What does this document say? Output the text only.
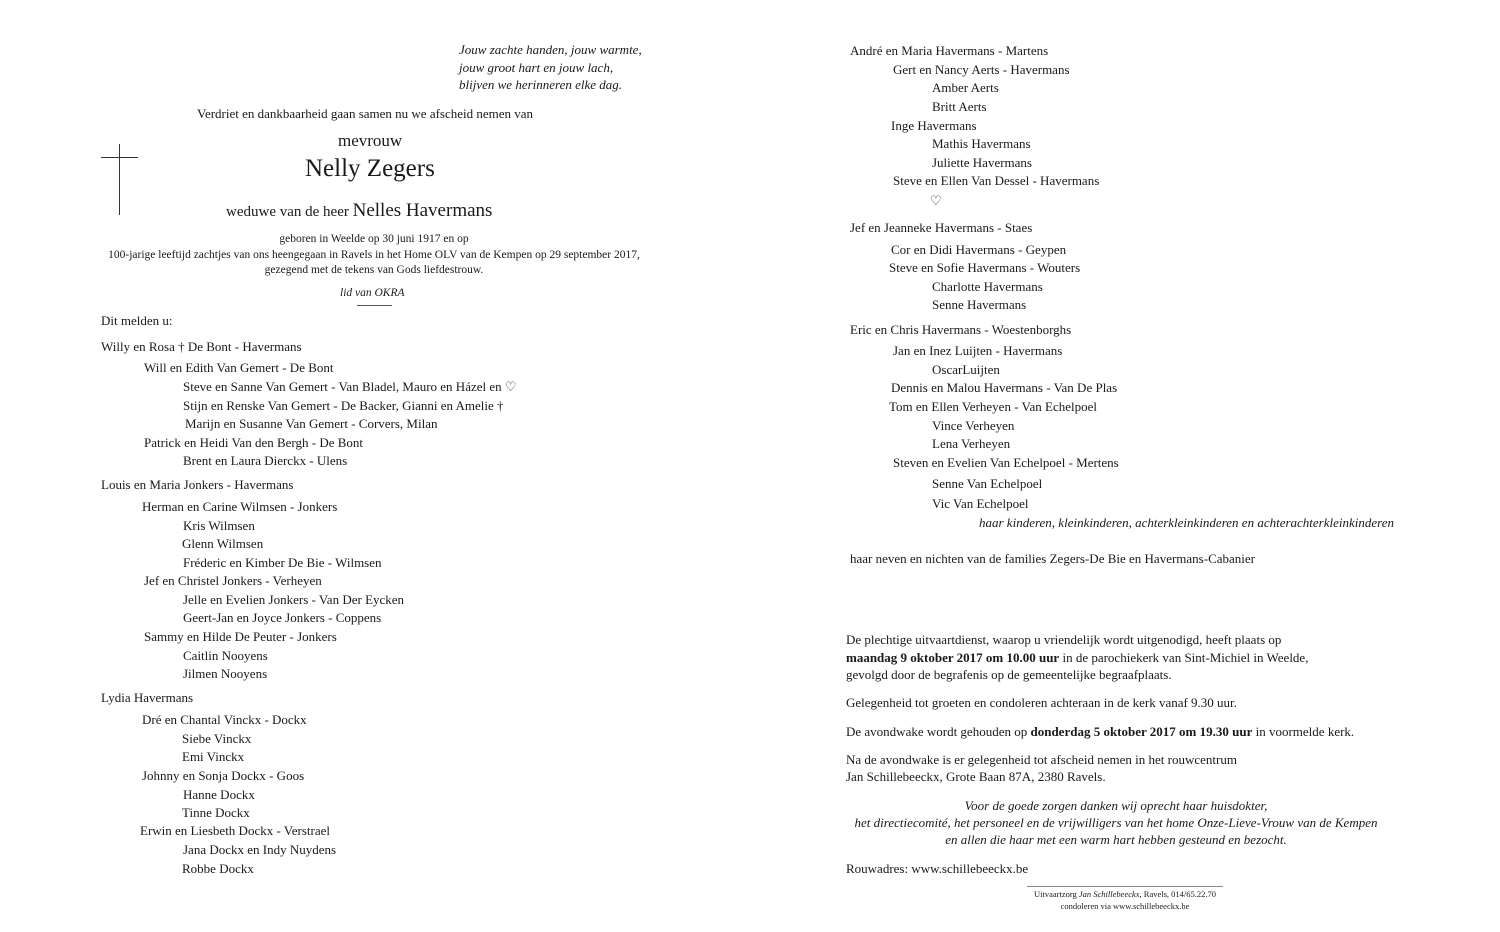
Jouw zachte handen, jouw warmte,
jouw groot hart en jouw lach,
blijven we herinneren elke dag.
Verdriet en dankbaarheid gaan samen nu we afscheid nemen van
mevrouw
Nelly Zegers
weduwe van de heer Nelles Havermans
geboren in Weelde op 30 juni 1917 en op
100-jarige leeftijd zachtjes van ons heengegaan in Ravels in het Home OLV van de Kempen op 29 september 2017,
gezegend met de tekens van Gods liefdestrouw.
lid van OKRA
Dit melden u:
Willy en Rosa † De Bont - Havermans
Will en Edith Van Gemert - De Bont
Steve en Sanne Van Gemert - Van Bladel, Mauro en Házel en ♡
Stijn en Renske Van Gemert - De Backer, Gianni en Amelie †
Marijn en Susanne Van Gemert - Corvers, Milan
Patrick en Heidi Van den Bergh - De Bont
Brent en Laura Dierckx - Ulens
Louis en Maria Jonkers - Havermans
Herman en Carine Wilmsen - Jonkers
Kris Wilmsen
Glenn Wilmsen
Fréderic en Kimber De Bie - Wilmsen
Jef en Christel Jonkers - Verheyen
Jelle en Evelien Jonkers - Van Der Eycken
Geert-Jan en Joyce Jonkers - Coppens
Sammy en Hilde De Peuter - Jonkers
Caitlin Nooyens
Jilmen Nooyens
Lydia Havermans
Dré en Chantal Vinckx - Dockx
Siebe Vinckx
Emi Vinckx
Johnny en Sonja Dockx - Goos
Hanne Dockx
Tinne Dockx
Erwin en Liesbeth Dockx - Verstrael
Jana Dockx en Indy Nuydens
Robbe Dockx
André en Maria Havermans - Martens
Gert en Nancy Aerts - Havermans
Amber Aerts
Britt Aerts
Inge Havermans
Mathis Havermans
Juliette Havermans
Steve en Ellen Van Dessel - Havermans
♡
Jef en Jeanneke Havermans - Staes
Cor en Didi Havermans - Geypen
Steve en Sofie Havermans - Wouters
Charlotte Havermans
Senne Havermans
Eric en Chris Havermans - Woestenborghs
Jan en Inez Luijten - Havermans
OscarLuijten
Dennis en Malou Havermans - Van De Plas
Tom en Ellen Verheyen - Van Echelpoel
Vince Verheyen
Lena Verheyen
Steven en Evelien Van Echelpoel - Mertens
Senne Van Echelpoel
Vic Van Echelpoel
haar kinderen, kleinkinderen, achterkleinkinderen en achterachterkleinkinderen
haar neven en nichten van de families Zegers-De Bie en Havermans-Cabanier
De plechtige uitvaartdienst, waarop u vriendelijk wordt uitgenodigd, heeft plaats op
maandag 9 oktober 2017 om 10.00 uur in de parochiekerk van Sint-Michiel in Weelde,
gevolgd door de begrafenis op de gemeentelijke begraafplaats.
Gelegenheid tot groeten en condoleren achteraan in de kerk vanaf 9.30 uur.
De avondwake wordt gehouden op donderdag 5 oktober 2017 om 19.30 uur in voormelde kerk.
Na de avondwake is er gelegenheid tot afscheid nemen in het rouwcentrum
Jan Schillebeeckx, Grote Baan 87A, 2380 Ravels.
Voor de goede zorgen danken wij oprecht haar huisdokter,
het directiecomité, het personeel en de vrijwilligers van het home Onze-Lieve-Vrouw van de Kempen
en allen die haar met een warm hart hebben gesteund en bezocht.
Rouwadres: www.schillebeeckx.be
Uitvaartzorg Jan Schillebeeckx, Ravels, 014/65.22.70
condoleren via www.schillebeeckx.be
